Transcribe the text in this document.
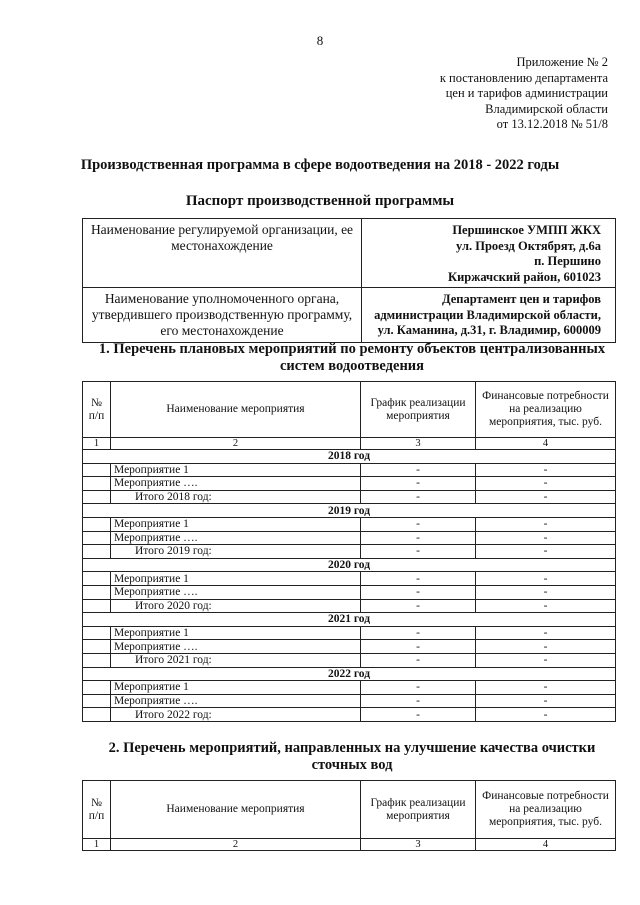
8
Приложение № 2
к постановлению департамента
цен и тарифов администрации
Владимирской области
от 13.12.2018 № 51/8
Производственная программа в сфере водоотведения на 2018 - 2022 годы
Паспорт производственной программы
Наименование регулируемой организации, ее местонахождение	Першинское УМПП ЖКХ
ул. Проезд Октябрят, д.6а
п. Першино
Киржачский район, 601023

Наименование уполномоченного органа, утвердившего производственную программу, его местонахождение	Департамент цен и тарифов
администрации Владимирской области,
ул. Каманина, д.31, г. Владимир, 600009
1. Перечень плановых мероприятий по ремонту объектов централизованных систем водоотведения
№ п/п	Наименование мероприятия	График реализации мероприятия	Финансовые потребности на реализацию мероприятия, тыс. руб.
1	2	3	4
2018 год			
	Мероприятие 1	-	-
	Мероприятие ….	-	-
	Итого 2018 год:	-	-
2019 год			
	Мероприятие 1	-	-
	Мероприятие ….	-	-
	Итого 2019 год:	-	-
2020 год			
	Мероприятие 1	-	-
	Мероприятие ….	-	-
	Итого 2020 год:	-	-
2021 год			
	Мероприятие 1	-	-
	Мероприятие ….	-	-
	Итого 2021 год:	-	-
2022 год			
	Мероприятие 1	-	-
	Мероприятие ….	-	-
	Итого 2022 год:	-	-
2. Перечень мероприятий, направленных на улучшение качества очистки сточных вод
№ п/п	Наименование мероприятия	График реализации мероприятия	Финансовые потребности на реализацию мероприятия, тыс. руб.
1	2	3	4
